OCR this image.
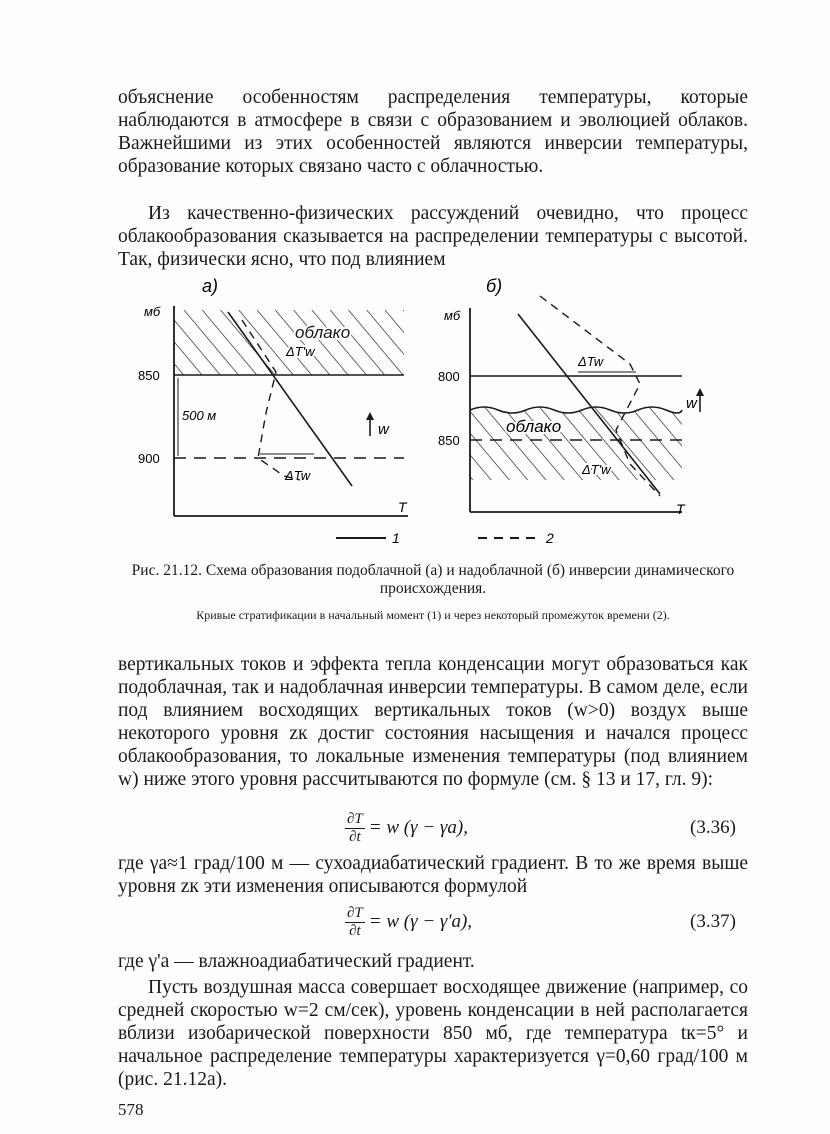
объяснение особенностям распределения температуры, которые наблюдаются в атмосфере в связи с образованием и эволюцией облаков. Важнейшими из этих особенностей являются инверсии температуры, образование которых связано часто с облачностью.

Из качественно-физических рассуждений очевидно, что процесс облакообразования сказывается на распределении температуры с высотой. Так, физически ясно, что под влиянием

а)
мб
850
900
500 м
облако
ΔT'w
ΔTw
w
T
б)
мб
800
850
ΔTw
облако
ΔT'w
w
T
1	2

Рис. 21.12. Схема образования подоблачной (а) и надоблачной (б) инверсии динамического происхождения.

Кривые стратификации в начальный момент (1) и через некоторый промежуток времени (2).

вертикальных токов и эффекта тепла конденсации могут образоваться как подоблачная, так и надоблачная инверсии температуры. В самом деле, если под влиянием восходящих вертикальных токов (w>0) воздух выше некоторого уровня zк достиг состояния насыщения и начался процесс облакообразования, то локальные изменения температуры (под влиянием w) ниже этого уровня рассчитываются по формуле (см. § 13 и 17, гл. 9):

$\frac{\partial T}{\partial t} = w$ (γ − γа),	(3.36)

где γа≈1 град/100 м — сухоадиабатический градиент. В то же время выше уровня zк эти изменения описываются формулой

$\frac{\partial T}{\partial t} = w$ (γ − γ'а),	(3.37)

где γ'а — влажноадиабатический градиент.

Пусть воздушная масса совершает восходящее движение (например, со средней скоростью w=2 см/сек), уровень конденсации в ней располагается вблизи изобарической поверхности 850 мб, где температура tк=5° и начальное распределение температуры характеризуется γ=0,60 град/100 м (рис. 21.12а).

578
